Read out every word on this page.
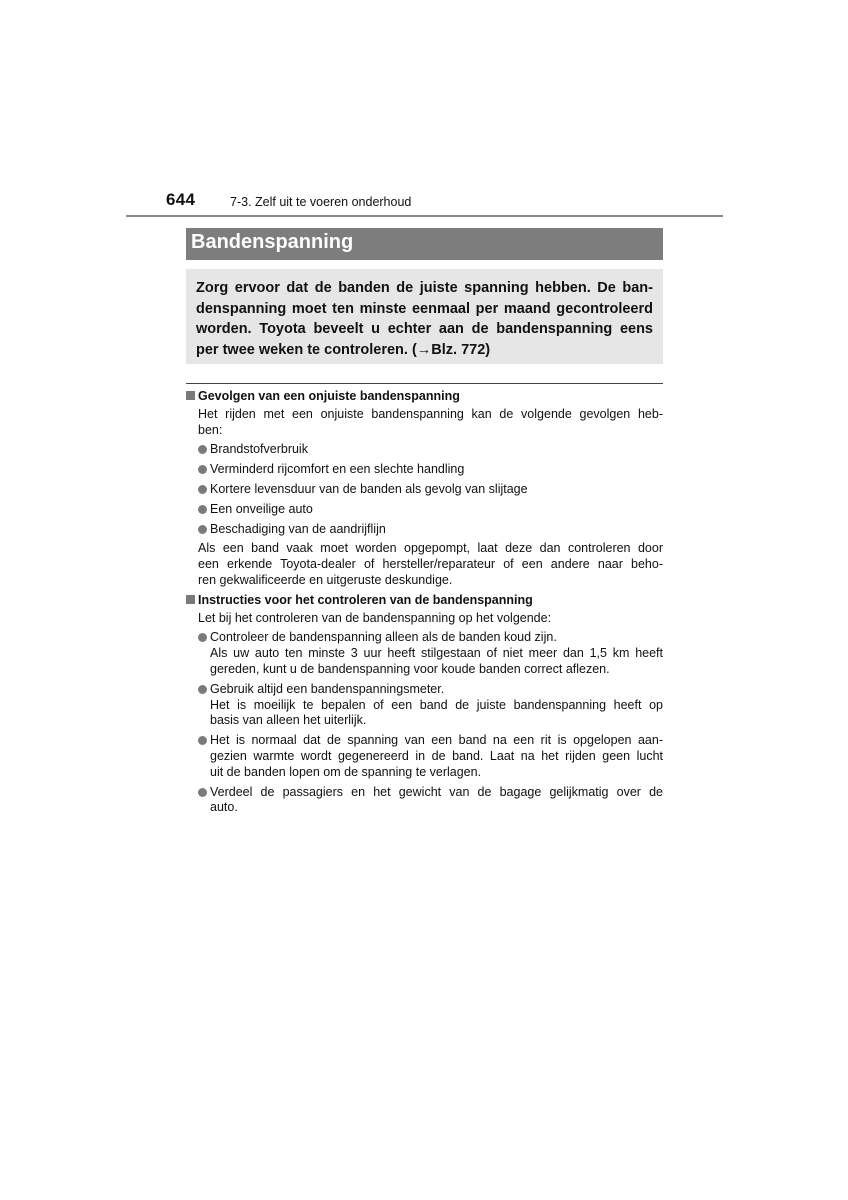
644	7-3. Zelf uit te voeren onderhoud
Bandenspanning
Zorg ervoor dat de banden de juiste spanning hebben. De ban-
denspanning moet ten minste eenmaal per maand gecontroleerd
worden. Toyota beveelt u echter aan de bandenspanning eens
per twee weken te controleren. (→Blz. 772)
Gevolgen van een onjuiste bandenspanning
Het rijden met een onjuiste bandenspanning kan de volgende gevolgen heb-
ben:
Brandstofverbruik
Verminderd rijcomfort en een slechte handling
Kortere levensduur van de banden als gevolg van slijtage
Een onveilige auto
Beschadiging van de aandrijflijn
Als een band vaak moet worden opgepompt, laat deze dan controleren door
een erkende Toyota-dealer of hersteller/reparateur of een andere naar beho-
ren gekwalificeerde en uitgeruste deskundige.
Instructies voor het controleren van de bandenspanning
Let bij het controleren van de bandenspanning op het volgende:
Controleer de bandenspanning alleen als de banden koud zijn.
Als uw auto ten minste 3 uur heeft stilgestaan of niet meer dan 1,5 km heeft
gereden, kunt u de bandenspanning voor koude banden correct aflezen.
Gebruik altijd een bandenspanningsmeter.
Het is moeilijk te bepalen of een band de juiste bandenspanning heeft op
basis van alleen het uiterlijk.
Het is normaal dat de spanning van een band na een rit is opgelopen aan-
gezien warmte wordt gegenereerd in de band. Laat na het rijden geen lucht
uit de banden lopen om de spanning te verlagen.
Verdeel de passagiers en het gewicht van de bagage gelijkmatig over de
auto.
